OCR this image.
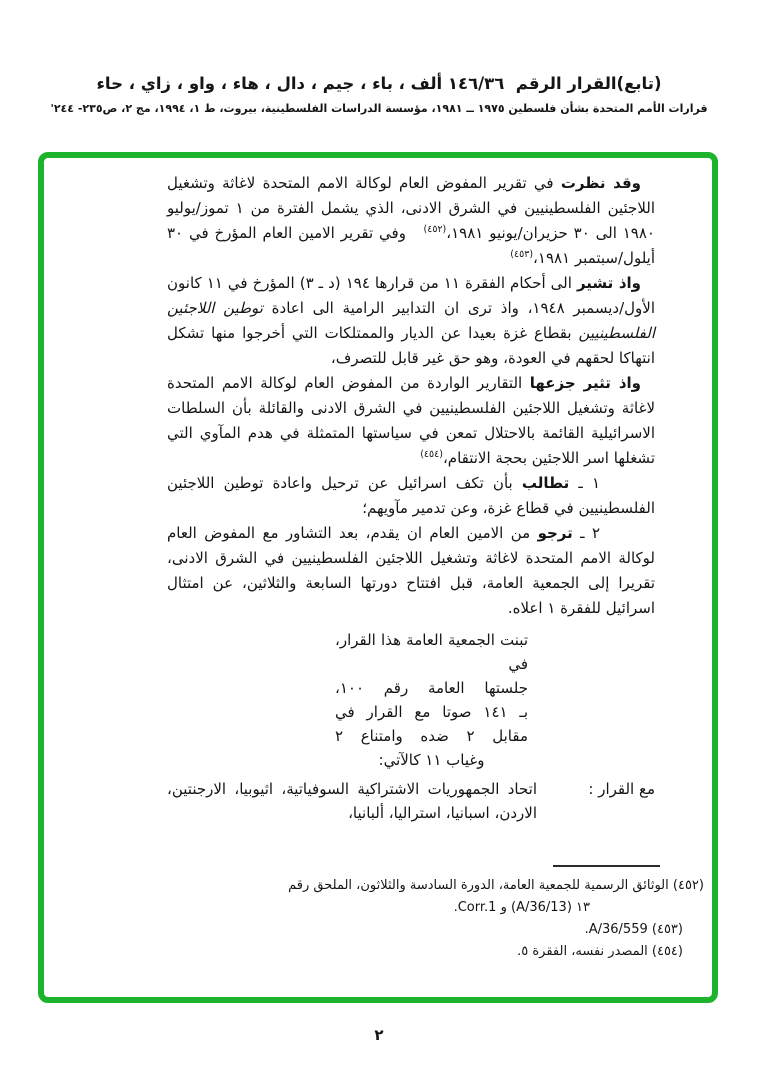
(تابع)القرار الرقم  ١٤٦/٣٦ ألف ، باء ، جيم ، دال ، هاء ، واو ، زاي ، حاء
قرارات الأمم المتحدة بشأن فلسطين ١٩٧٥ ــ ١٩٨١، مؤسسة الدراسات الفلسطينية، بيروت، ط ١، ١٩٩٤، مج ٢، ص٢٣٥- ٢٤٤'

وقد نظرت في تقرير المفوض العام لوكالة الامم المتحدة لاغاثة وتشغيل اللاجئين الفلسطينيين في الشرق الادنى، الذي يشمل الفترة من ١ تموز/يوليو ١٩٨٠ الى ٣٠ حزيران/يونيو ١٩٨١،$^{(٤٥٢)}$   وفي تقرير الامين العام المؤرخ في ٣٠ أيلول/سبتمبر ١٩٨١،$^{(٤٥٣)}$

واذ تشير الى أحكام الفقرة ١١ من قرارها ١٩٤ (د ـ ٣) المؤرخ في ١١ كانون الأول/ديسمبر ١٩٤٨، واذ ترى ان التدابير الرامية الى اعادة توطين اللاجئين الفلسطينيين بقطاع غزة بعيدا عن الديار والممتلكات التي أخرجوا منها تشكل انتهاكا لحقهم في العودة، وهو حق غير قابل للتصرف،

واذ تثير جزعها التقارير الواردة من المفوض العام لوكالة الامم المتحدة لاغاثة وتشغيل اللاجئين الفلسطينيين في الشرق الادنى والقائلة بأن السلطات الاسرائيلية القائمة بالاحتلال تمعن في سياستها المتمثلة في هدم المآوي التي تشغلها اسر اللاجئين بحجة الانتقام،$^{(٤٥٤)}$

١ ـ تطالب بأن تكف اسرائيل عن ترحيل واعادة توطين اللاجئين الفلسطينيين في قطاع غزة، وعن تدمير مآويهم؛

٢ ـ ترجو من الامين العام ان يقدم، بعد التشاور مع المفوض العام لوكالة الامم المتحدة لاغاثة وتشغيل اللاجئين الفلسطينيين في الشرق الادنى، تقريرا إلى الجمعية العامة، قبل افتتاح دورتها السابعة والثلاثين، عن امتثال اسرائيل للفقرة ١ اعلاه.

تبنت الجمعية العامة هذا القرار، في
جلستها العامة رقم ١٠٠،
بـ ١٤١ صوتا مع القرار في
مقابل ٢ ضده وامتناع ٢
وغياب ١١ كالآتي:
مع القرار :
اتحاد الجمهوريات الاشتراكية السوفياتية، اثيوبيا، الارجنتين، الاردن، اسبانيا، استراليا، ألبانيا،
(٤٥٢) الوثائق الرسمية للجمعية العامة، الدورة السادسة والثلاثون، الملحق رقم
١٣ (A/36/13) و Corr.1.
(٤٥٣) A/36/559.
(٤٥٤) المصدر نفسه، الفقرة ٥.
٢
